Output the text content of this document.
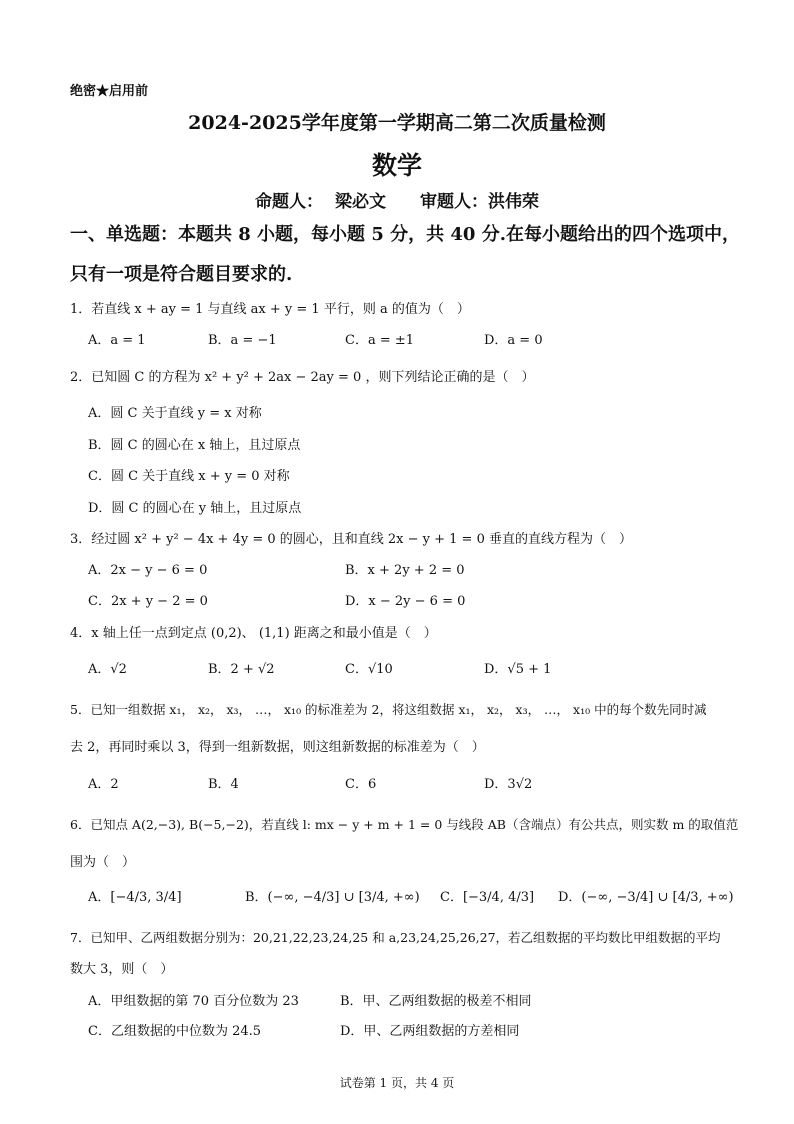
绝密★启用前
2024-2025学年度第一学期高二第二次质量检测
数学
命题人： 梁必文　　审题人：洪伟荣
一、单选题：本题共 8 小题，每小题 5 分，共 40 分.在每小题给出的四个选项中，
只有一项是符合题目要求的.
1．若直线 x + ay = 1 与直线 ax + y = 1 平行，则 a 的值为（　）
A．a = 1	B．a = −1	C．a = ±1	D．a = 0
2．已知圆 C 的方程为 x² + y² + 2ax − 2ay = 0 ，则下列结论正确的是（　）
A．圆 C 关于直线 y = x 对称
B．圆 C 的圆心在 x 轴上，且过原点
C．圆 C 关于直线 x + y = 0 对称
D．圆 C 的圆心在 y 轴上，且过原点
3．经过圆 x² + y² − 4x + 4y = 0 的圆心，且和直线 2x − y + 1 = 0 垂直的直线方程为（　）
A．2x − y − 6 = 0	B．x + 2y + 2 = 0
C．2x + y − 2 = 0	D．x − 2y − 6 = 0
4．x 轴上任一点到定点 (0,2)、 (1,1) 距离之和最小值是（　）
A．√2	B．2 + √2	C．√10	D．√5 + 1
5．已知一组数据 x₁， x₂， x₃， …， x₁₀ 的标准差为 2，将这组数据 x₁， x₂， x₃， …， x₁₀ 中的每个数先同时减
去 2，再同时乘以 3，得到一组新数据，则这组新数据的标准差为（　）
A．2	B．4	C．6	D．3√2
6．已知点 A(2,−3), B(−5,−2)，若直线 l: mx − y + m + 1 = 0 与线段 AB（含端点）有公共点，则实数 m 的取值范
围为（　）
A．[−4/3, 3/4]	B．(−∞, −4/3] ∪ [3/4, +∞) C．[−3/4, 4/3] D．(−∞, −3/4] ∪ [4/3, +∞)
7．已知甲、乙两组数据分别为：20,21,22,23,24,25 和 a,23,24,25,26,27，若乙组数据的平均数比甲组数据的平均
数大 3，则（　）
A．甲组数据的第 70 百分位数为 23	B．甲、乙两组数据的极差不相同
C．乙组数据的中位数为 24.5	D．甲、乙两组数据的方差相同
试卷第 1 页，共 4 页
